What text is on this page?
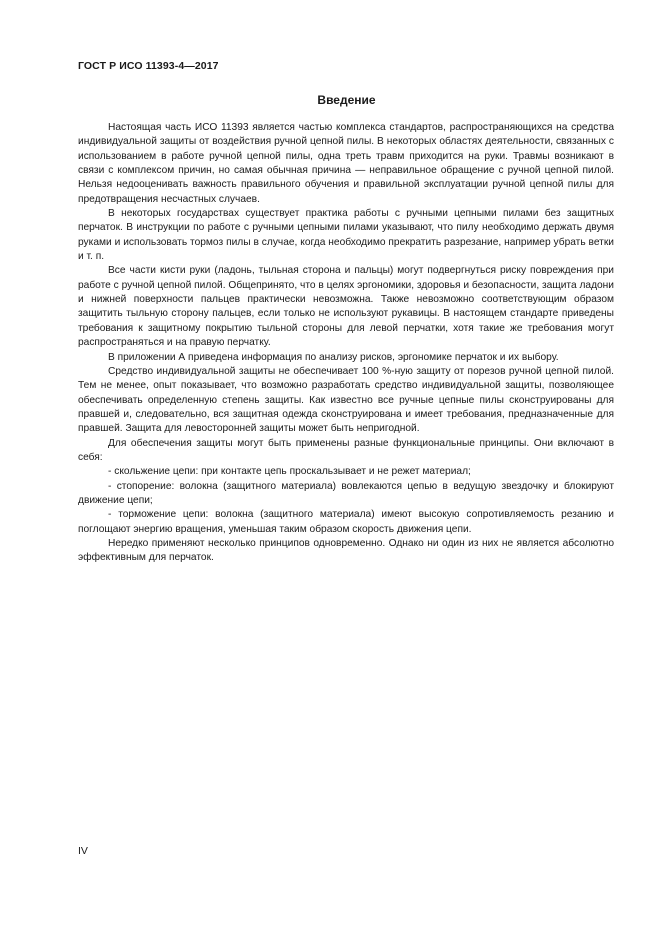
ГОСТ Р ИСО 11393-4—2017
Введение

Настоящая часть ИСО 11393 является частью комплекса стандартов, распространяющихся на средства индивидуальной защиты от воздействия ручной цепной пилы. В некоторых областях деятельности, связанных с использованием в работе ручной цепной пилы, одна треть травм приходится на руки. Травмы возникают в связи с комплексом причин, но самая обычная причина — неправильное обращение с ручной цепной пилой. Нельзя недооценивать важность правильного обучения и правильной эксплуатации ручной цепной пилы для предотвращения несчастных случаев.

В некоторых государствах существует практика работы с ручными цепными пилами без защитных перчаток. В инструкции по работе с ручными цепными пилами указывают, что пилу необходимо держать двумя руками и использовать тормоз пилы в случае, когда необходимо прекратить разрезание, например убрать ветки и т. п.

Все части кисти руки (ладонь, тыльная сторона и пальцы) могут подвергнуться риску повреждения при работе с ручной цепной пилой. Общепринято, что в целях эргономики, здоровья и безопасности, защита ладони и нижней поверхности пальцев практически невозможна. Также невозможно соответствующим образом защитить тыльную сторону пальцев, если только не используют рукавицы. В настоящем стандарте приведены требования к защитному покрытию тыльной стороны для левой перчатки, хотя такие же требования могут распространяться и на правую перчатку.

В приложении А приведена информация по анализу рисков, эргономике перчаток и их выбору.

Средство индивидуальной защиты не обеспечивает 100 %-ную защиту от порезов ручной цепной пилой. Тем не менее, опыт показывает, что возможно разработать средство индивидуальной защиты, позволяющее обеспечивать определенную степень защиты. Как известно все ручные цепные пилы сконструированы для правшей и, следовательно, вся защитная одежда сконструирована и имеет требования, предназначенные для правшей. Защита для левосторонней защиты может быть непригодной.

Для обеспечения защиты могут быть применены разные функциональные принципы. Они включают в себя:

- скольжение цепи: при контакте цепь проскальзывает и не режет материал;

- стопорение: волокна (защитного материала) вовлекаются цепью в ведущую звездочку и блокируют движение цепи;

- торможение цепи: волокна (защитного материала) имеют высокую сопротивляемость резанию и поглощают энергию вращения, уменьшая таким образом скорость движения цепи.

Нередко применяют несколько принципов одновременно. Однако ни один из них не является абсолютно эффективным для перчаток.

IV
